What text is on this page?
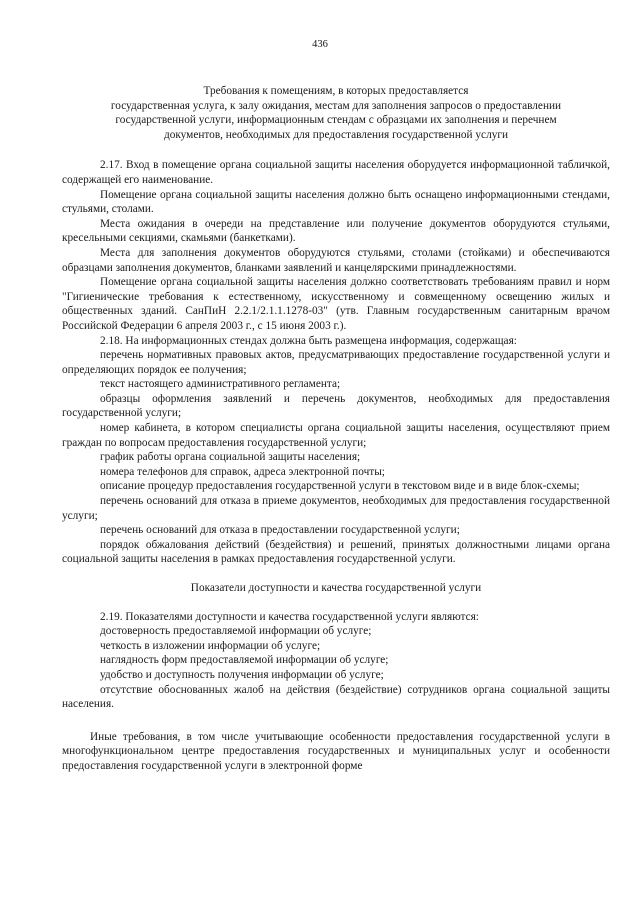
436
Требования к помещениям, в которых предоставляется
государственная услуга, к залу ожидания, местам для заполнения запросов о предоставлении
государственной услуги, информационным стендам с образцами их заполнения и перечнем
документов, необходимых для предоставления государственной услуги

2.17. Вход в помещение органа социальной защиты населения оборудуется информационной табличкой, содержащей его наименование.

Помещение органа социальной защиты населения должно быть оснащено информационными стендами, стульями, столами.

Места ожидания в очереди на представление или получение документов оборудуются стульями, кресельными секциями, скамьями (банкетками).

Места для заполнения документов оборудуются стульями, столами (стойками) и обеспечиваются образцами заполнения документов, бланками заявлений и канцелярскими принадлежностями.

Помещение органа социальной защиты населения должно соответствовать требованиям правил и норм "Гигиенические требования к естественному, искусственному и совмещенному освещению жилых и общественных зданий. СанПиН 2.2.1/2.1.1.1278-03" (утв. Главным государственным санитарным врачом Российской Федерации 6 апреля 2003 г., с 15 июня 2003 г.).

2.18. На информационных стендах должна быть размещена информация, содержащая:

перечень нормативных правовых актов, предусматривающих предоставление государственной услуги и определяющих порядок ее получения;

текст настоящего административного регламента;

образцы оформления заявлений и перечень документов, необходимых для предоставления государственной услуги;

номер кабинета, в котором специалисты органа социальной защиты населения, осуществляют прием граждан по вопросам предоставления государственной услуги;

график работы органа социальной защиты населения;

номера телефонов для справок, адреса электронной почты;

описание процедур предоставления государственной услуги в текстовом виде и в виде блок-схемы;

перечень оснований для отказа в приеме документов, необходимых для предоставления государственной услуги;

перечень оснований для отказа в предоставлении государственной услуги;

порядок обжалования действий (бездействия) и решений, принятых должностными лицами органа социальной защиты населения в рамках предоставления государственной услуги.

Показатели доступности и качества государственной услуги

2.19. Показателями доступности и качества государственной услуги являются:

достоверность предоставляемой информации об услуге;

четкость в изложении информации об услуге;

наглядность форм предоставляемой информации об услуге;

удобство и доступность получения информации об услуге;

отсутствие обоснованных жалоб на действия (бездействие) сотрудников органа социальной защиты населения.

Иные требования, в том числе учитывающие особенности предоставления государственной услуги в многофункциональном центре предоставления государственных и муниципальных услуг и особенности предоставления государственной услуги в электронной форме
